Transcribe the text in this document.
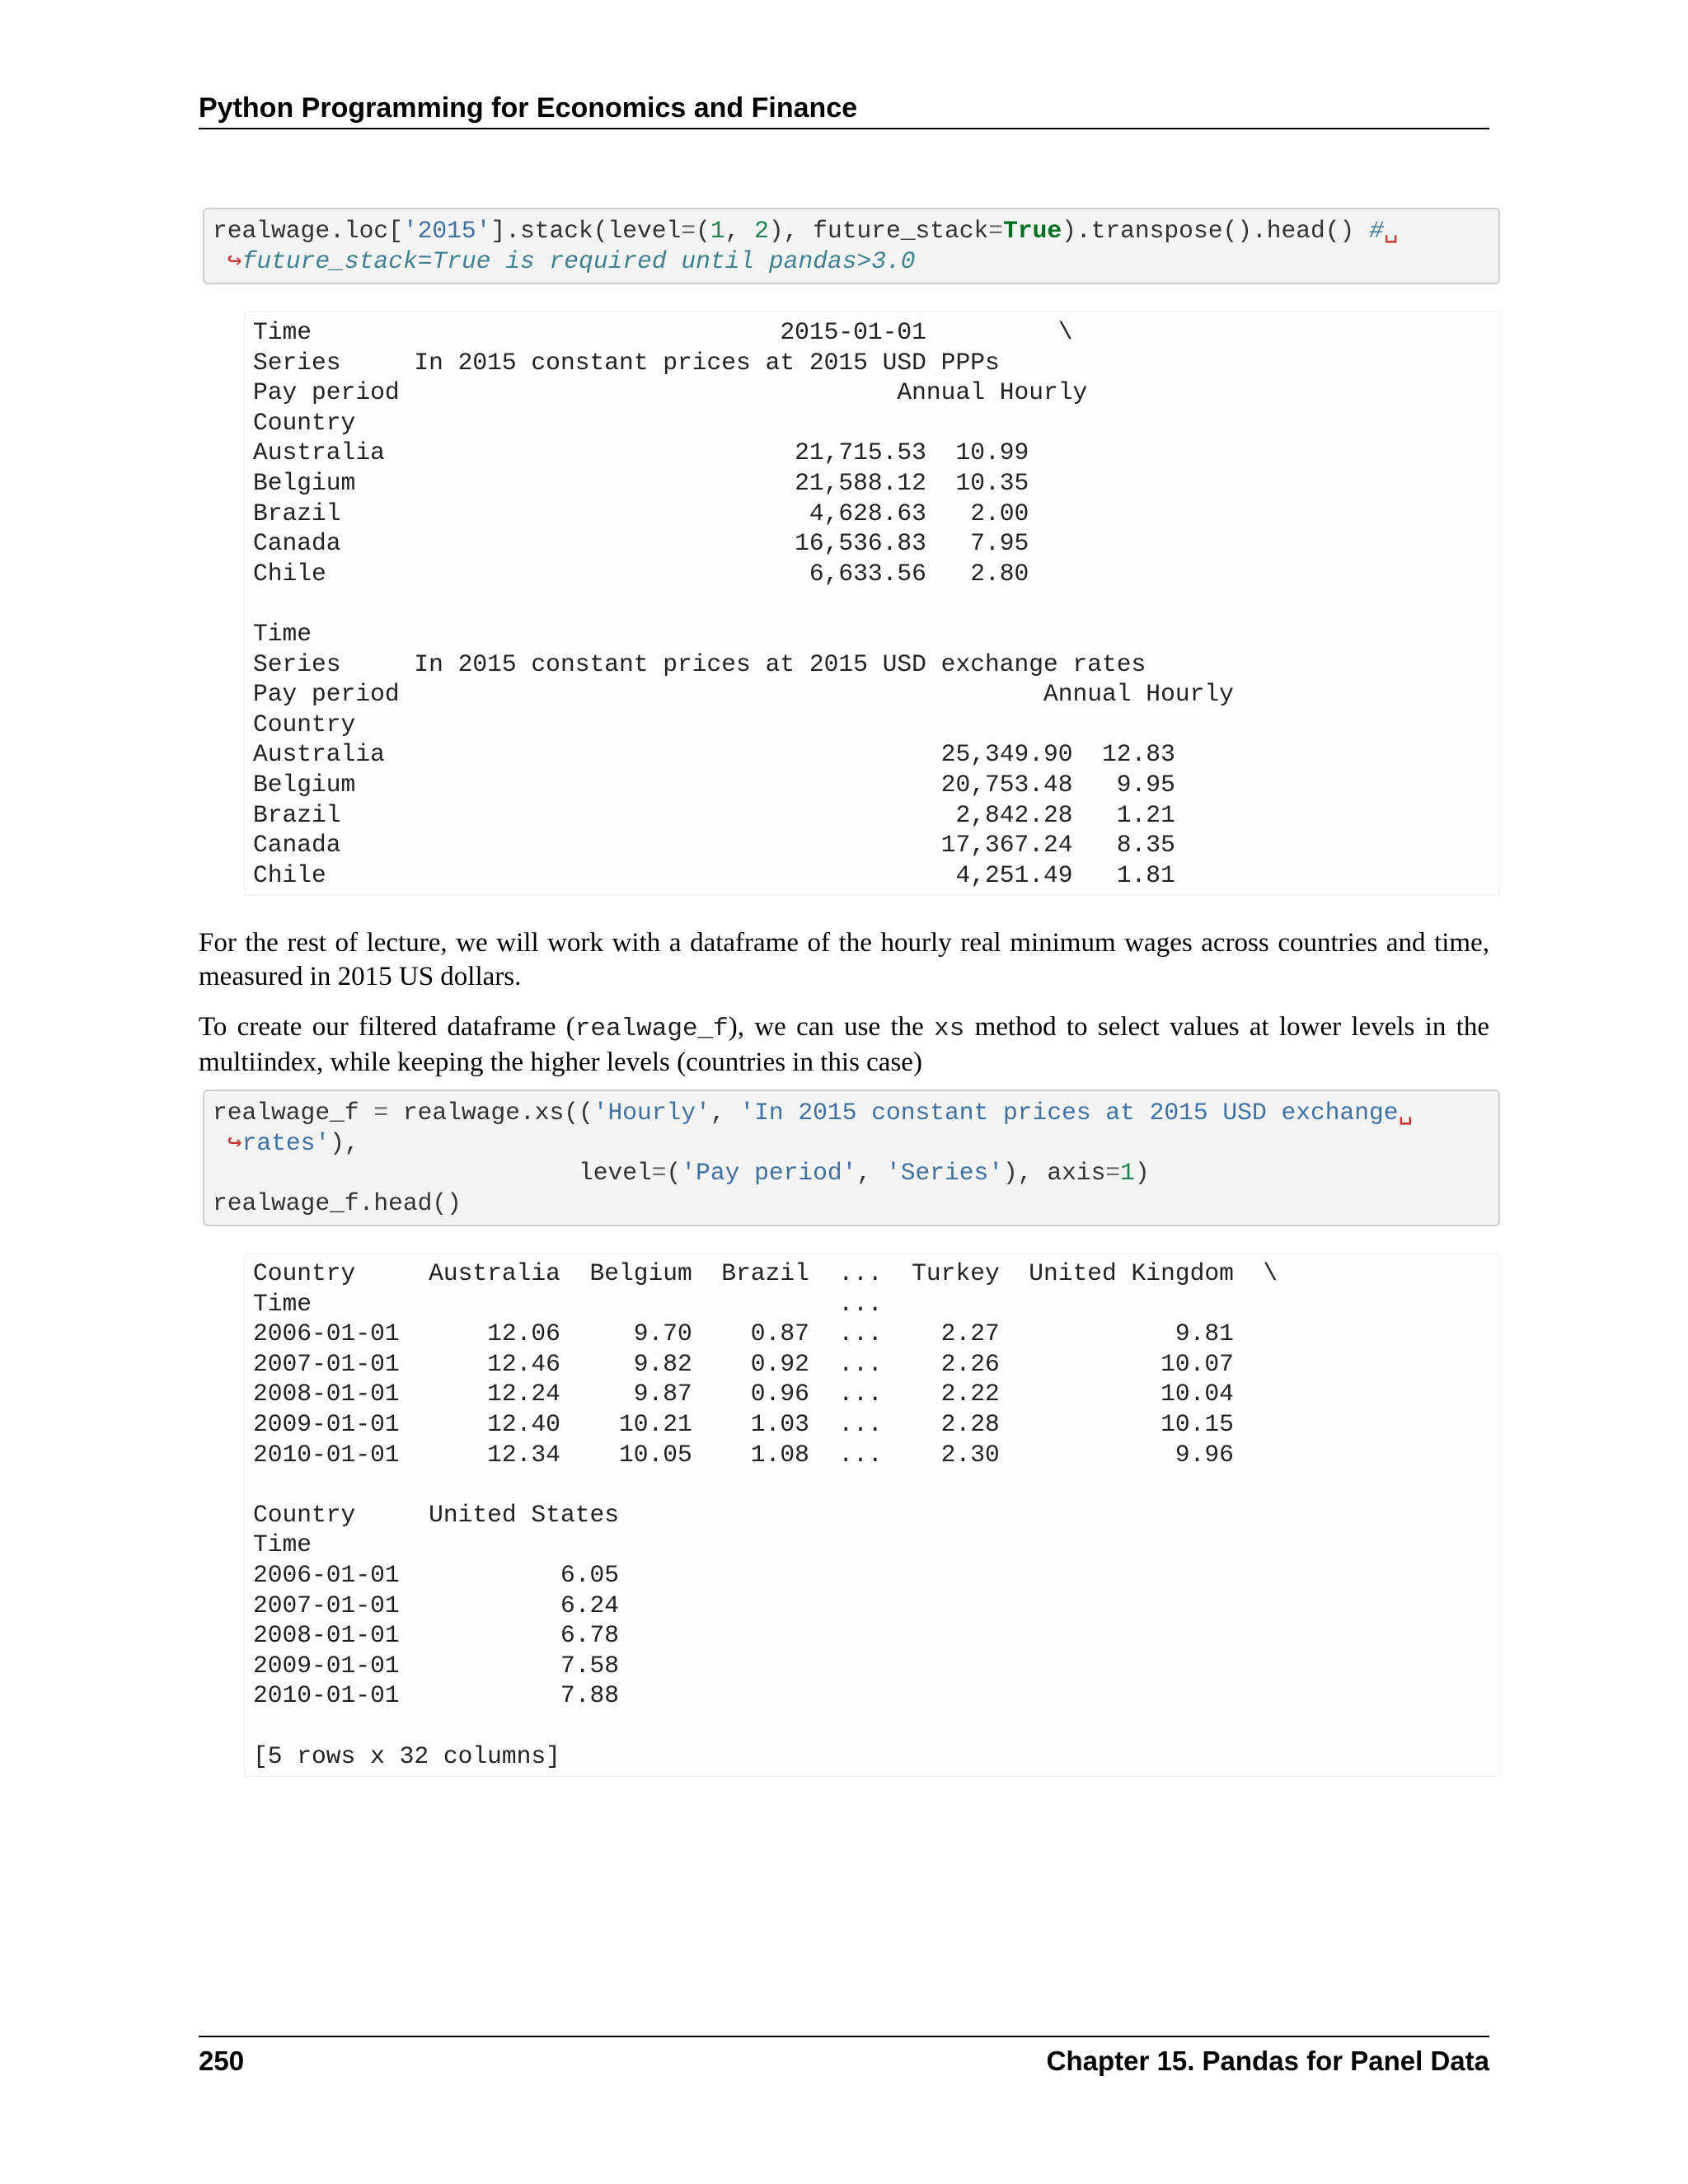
Python Programming for Economics and Finance
realwage.loc['2015'].stack(level=(1, 2), future_stack=True).transpose().head() #␣
↪future_stack=True is required until pandas>3.0
Time                                2015-01-01         \
Series     In 2015 constant prices at 2015 USD PPPs
Pay period                                  Annual Hourly
Country
Australia                            21,715.53  10.99
Belgium                              21,588.12  10.35
Brazil                                4,628.63   2.00
Canada                               16,536.83   7.95
Chile                                 6,633.56   2.80

Time
Series     In 2015 constant prices at 2015 USD exchange rates
Pay period                                            Annual Hourly
Country
Australia                                      25,349.90  12.83
Belgium                                        20,753.48   9.95
Brazil                                          2,842.28   1.21
Canada                                         17,367.24   8.35
Chile                                           4,251.49   1.81

For the rest of lecture, we will work with a dataframe of the hourly real minimum wages across countries and time, measured in 2015 US dollars.

To create our filtered dataframe (realwage_f), we can use the xs method to select values at lower levels in the multiindex, while keeping the higher levels (countries in this case)

realwage_f = realwage.xs(('Hourly', 'In 2015 constant prices at 2015 USD exchange␣
↪rates'),
level=('Pay period', 'Series'), axis=1)
realwage_f.head()
Country     Australia  Belgium  Brazil  ...  Turkey  United Kingdom  \
Time                                    ...
2006-01-01      12.06     9.70    0.87  ...    2.27            9.81
2007-01-01      12.46     9.82    0.92  ...    2.26           10.07
2008-01-01      12.24     9.87    0.96  ...    2.22           10.04
2009-01-01      12.40    10.21    1.03  ...    2.28           10.15
2010-01-01      12.34    10.05    1.08  ...    2.30            9.96

Country     United States
Time
2006-01-01           6.05
2007-01-01           6.24
2008-01-01           6.78
2009-01-01           7.58
2010-01-01           7.88

[5 rows x 32 columns]
250	Chapter 15. Pandas for Panel Data
